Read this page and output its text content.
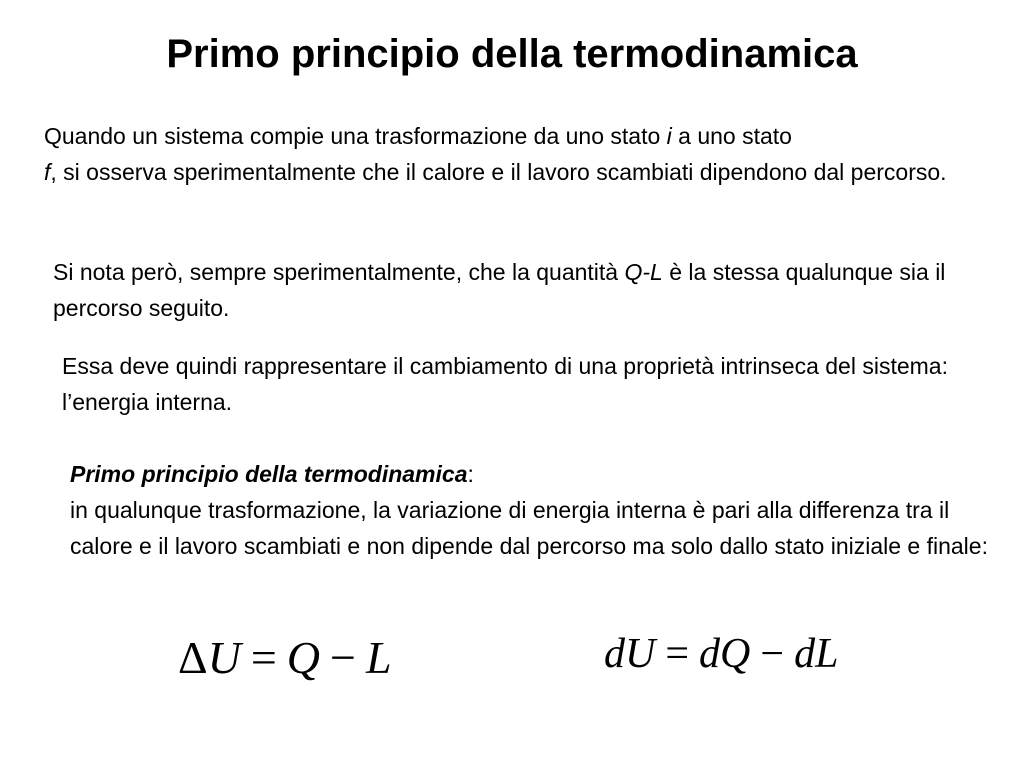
Primo principio della termodinamica

Quando un sistema compie una trasformazione da uno stato i a uno stato
f, si osserva sperimentalmente che il calore e il lavoro scambiati dipendono dal percorso.

Si nota però, sempre sperimentalmente, che la quantità Q-L è la stessa qualunque sia il percorso seguito.

Essa deve quindi rappresentare il cambiamento di una proprietà intrinseca del sistema: l’energia interna.

Primo principio della termodinamica:
in qualunque trasformazione, la variazione di energia interna è pari alla differenza tra il calore e il lavoro scambiati e non dipende dal percorso ma solo dallo stato iniziale e finale:

ΔU = Q − L	dU = dQ − dL
